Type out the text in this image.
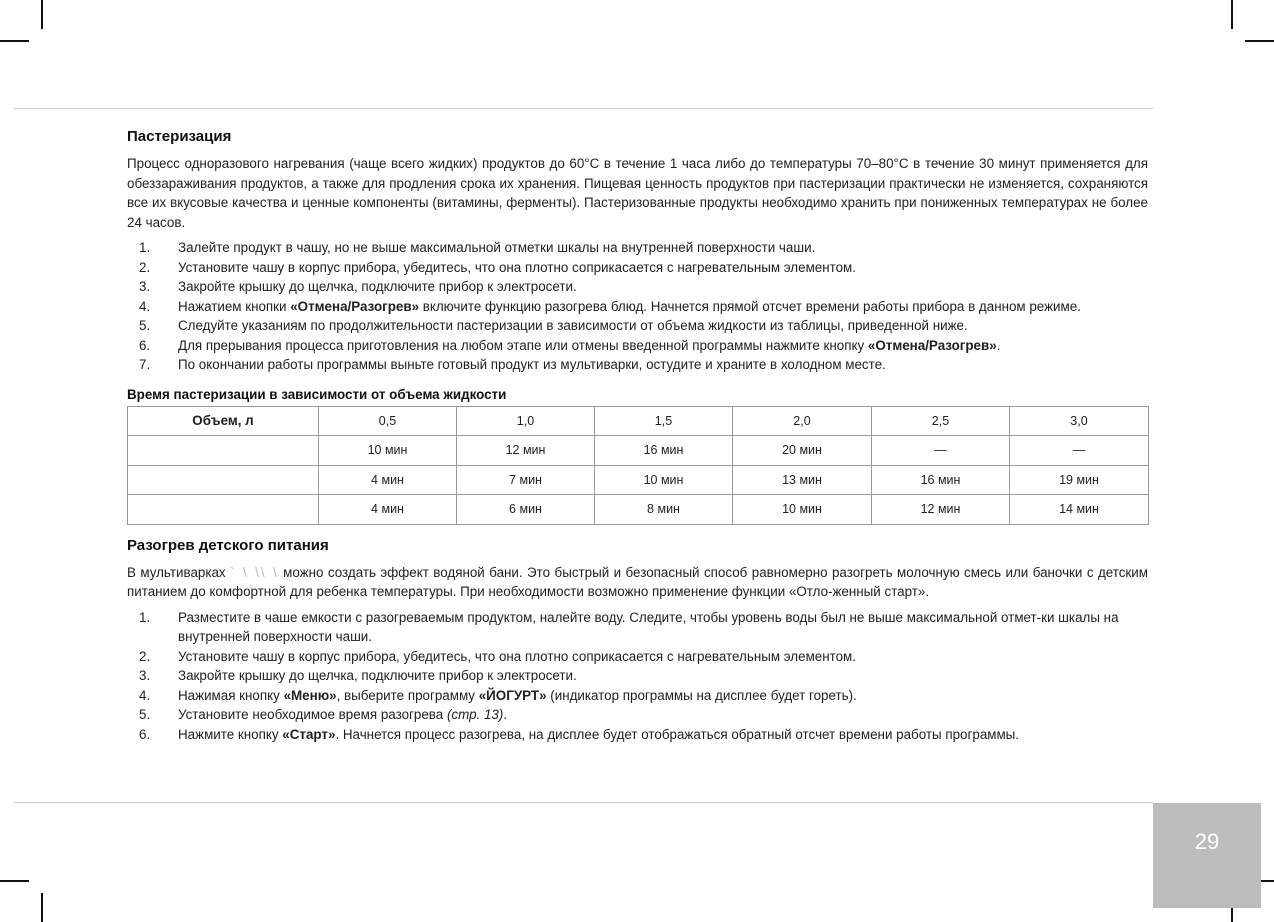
Пастеризация

Процесс одноразового нагревания (чаще всего жидких) продуктов до 60°C в течение 1 часа либо до температуры 70–80°C в течение 30 минут применяется для обеззараживания продуктов, а также для продления срока их хранения. Пищевая ценность продуктов при пастеризации практически не изменяется, сохраняются все их вкусовые качества и ценные компоненты (витамины, ферменты). Пастеризованные продукты необходимо хранить при пониженных температурах не более 24 часов.

1. Залейте продукт в чашу, но не выше максимальной отметки шкалы на внутренней поверхности чаши.
2. Установите чашу в корпус прибора, убедитесь, что она плотно соприкасается с нагревательным элементом.
3. Закройте крышку до щелчка, подключите прибор к электросети.
4. Нажатием кнопки «Отмена/Разогрев» включите функцию разогрева блюд. Начнется прямой отсчет времени работы прибора в данном режиме.
5. Следуйте указаниям по продолжительности пастеризации в зависимости от объема жидкости из таблицы, приведенной ниже.
6. Для прерывания процесса приготовления на любом этапе или отмены введенной программы нажмите кнопку «Отмена/Разогрев».
7. По окончании работы программы выньте готовый продукт из мультиварки, остудите и храните в холодном месте.
Время пастеризации в зависимости от объема жидкости
Объем, л	0,5	1,0	1,5	2,0	2,5	3,0
	10 мин	12 мин	16 мин	20 мин	—	—
	4 мин	7 мин	10 мин	13 мин	16 мин	19 мин
	4 мин	6 мин	8 мин	10 мин	12 мин	14 мин
Разогрев детского питания

В мультиварках ` \ \\ \ можно создать эффект водяной бани. Это быстрый и безопасный способ равномерно разогреть молочную смесь или баночки с детским питанием до комфортной для ребенка температуры. При необходимости возможно применение функции «Отло-женный старт».

1. Разместите в чаше емкости с разогреваемым продуктом, налейте воду. Следите, чтобы уровень воды был не выше максимальной отмет-ки шкалы на внутренней поверхности чаши.
2. Установите чашу в корпус прибора, убедитесь, что она плотно соприкасается с нагревательным элементом.
3. Закройте крышку до щелчка, подключите прибор к электросети.
4. Нажимая кнопку «Меню», выберите программу «ЙОГУРТ» (индикатор программы на дисплее будет гореть).
5. Установите необходимое время разогрева (стр. 13).
6. Нажмите кнопку «Старт». Начнется процесс разогрева, на дисплее будет отображаться обратный отсчет времени работы программы.
29
